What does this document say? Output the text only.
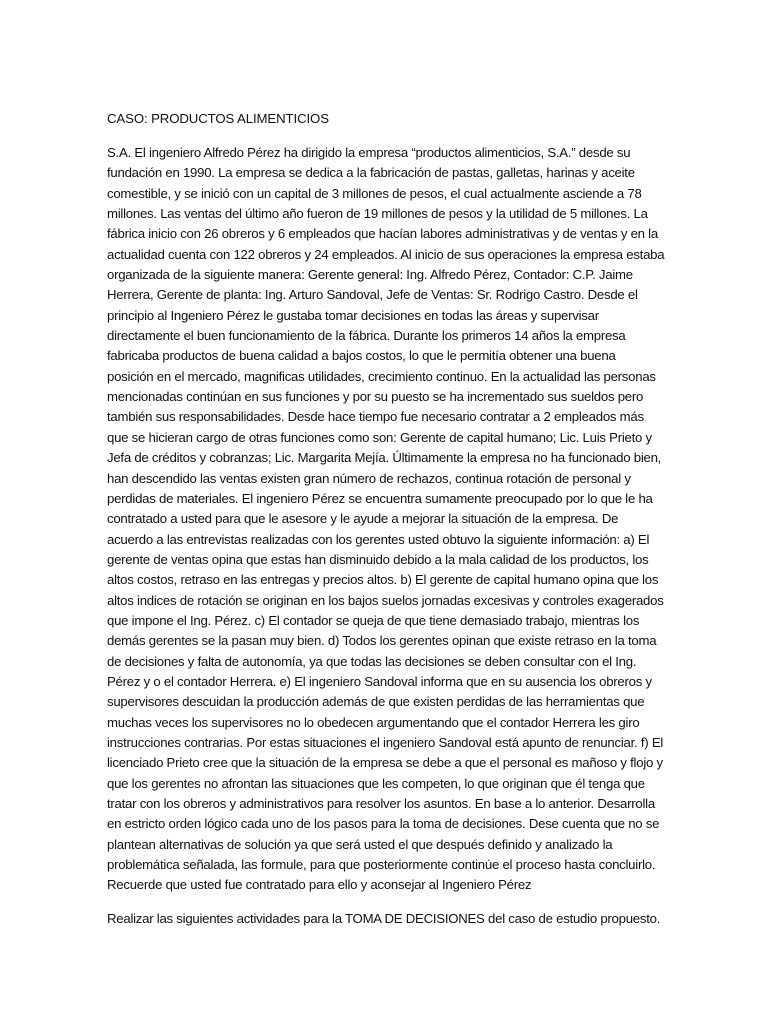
CASO: PRODUCTOS ALIMENTICIOS

S.A. El ingeniero Alfredo Pérez ha dirigido la empresa “productos alimenticios, S.A.” desde su
fundación en 1990. La empresa se dedica a la fabricación de pastas, galletas, harinas y aceite
comestible, y se inició con un capital de 3 millones de pesos, el cual actualmente asciende a 78
millones. Las ventas del último año fueron de 19 millones de pesos y la utilidad de 5 millones. La
fábrica inicio con 26 obreros y 6 empleados que hacían labores administrativas y de ventas y en la
actualidad cuenta con 122 obreros y 24 empleados. Al inicio de sus operaciones la empresa estaba
organizada de la siguiente manera: Gerente general: Ing. Alfredo Pérez, Contador: C.P. Jaime
Herrera, Gerente de planta: Ing. Arturo Sandoval, Jefe de Ventas: Sr. Rodrigo Castro. Desde el
principio al Ingeniero Pérez le gustaba tomar decisiones en todas las áreas y supervisar
directamente el buen funcionamiento de la fábrica. Durante los primeros 14 años la empresa
fabricaba productos de buena calidad a bajos costos, lo que le permitía obtener una buena
posición en el mercado, magnificas utilidades, crecimiento continuo. En la actualidad las personas
mencionadas continúan en sus funciones y por su puesto se ha incrementado sus sueldos pero
también sus responsabilidades. Desde hace tiempo fue necesario contratar a 2 empleados más
que se hicieran cargo de otras funciones como son: Gerente de capital humano; Lic. Luis Prieto y
Jefa de créditos y cobranzas; Lic. Margarita Mejía. Últimamente la empresa no ha funcionado bien,
han descendido las ventas existen gran número de rechazos, continua rotación de personal y
perdidas de materiales. El ingeniero Pérez se encuentra sumamente preocupado por lo que le ha
contratado a usted para que le asesore y le ayude a mejorar la situación de la empresa. De
acuerdo a las entrevistas realizadas con los gerentes usted obtuvo la siguiente información: a) El
gerente de ventas opina que estas han disminuido debido a la mala calidad de los productos, los
altos costos, retraso en las entregas y precios altos. b) El gerente de capital humano opina que los
altos indices de rotación se originan en los bajos suelos jornadas excesivas y controles exagerados
que impone el Ing. Pérez. c) El contador se queja de que tiene demasiado trabajo, mientras los
demás gerentes se la pasan muy bien. d) Todos los gerentes opinan que existe retraso en la toma
de decisiones y falta de autonomía, ya que todas las decisiones se deben consultar con el Ing.
Pérez y o el contador Herrera. e) El ingeniero Sandoval informa que en su ausencia los obreros y
supervisores descuidan la producción además de que existen perdidas de las herramientas que
muchas veces los supervisores no lo obedecen argumentando que el contador Herrera les giro
instrucciones contrarias. Por estas situaciones el ingeniero Sandoval está apunto de renunciar. f) El
licenciado Prieto cree que la situación de la empresa se debe a que el personal es mañoso y flojo y
que los gerentes no afrontan las situaciones que les competen, lo que originan que él tenga que
tratar con los obreros y administrativos para resolver los asuntos. En base a lo anterior. Desarrolla
en estricto orden lógico cada uno de los pasos para la toma de decisiones. Dese cuenta que no se
plantean alternativas de solución ya que será usted el que después definido y analizado la
problemática señalada, las formule, para que posteriormente continúe el proceso hasta concluirlo.
Recuerde que usted fue contratado para ello y aconsejar al Ingeniero Pérez

Realizar las siguientes actividades para la TOMA DE DECISIONES del caso de estudio propuesto.
